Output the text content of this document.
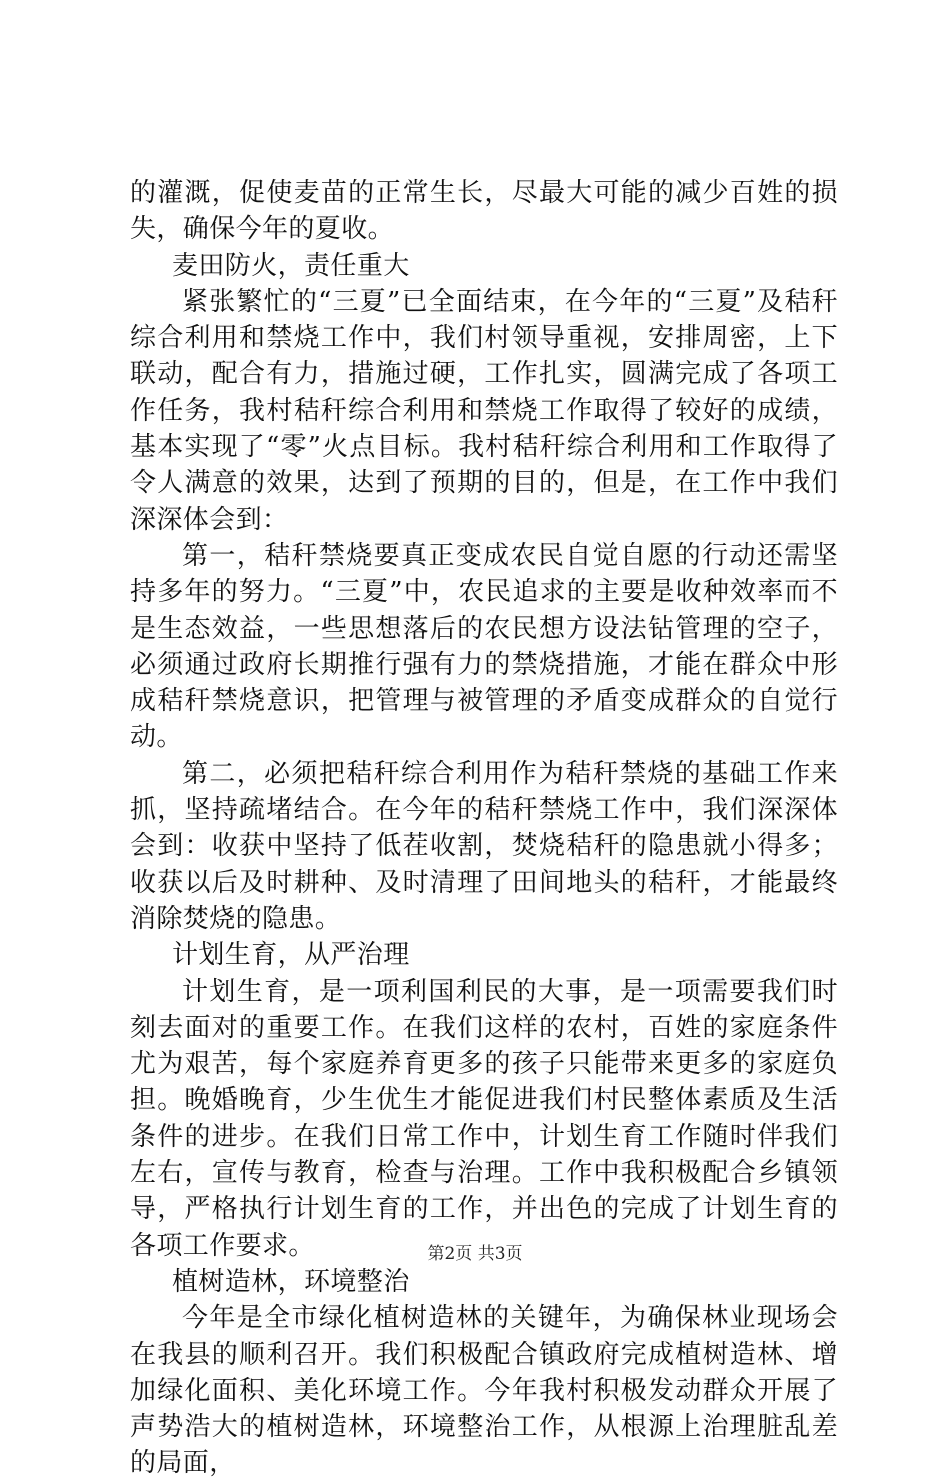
的灌溉，促使麦苗的正常生长，尽最大可能的减少百姓的损失，确保今年的夏收。

麦田防火，责任重大

紧张繁忙的“三夏”已全面结束，在今年的“三夏”及秸秆综合利用和禁烧工作中，我们村领导重视，安排周密，上下联动，配合有力，措施过硬，工作扎实，圆满完成了各项工作任务，我村秸秆综合利用和禁烧工作取得了较好的成绩，基本实现了“零”火点目标。我村秸秆综合利用和工作取得了令人满意的效果，达到了预期的目的，但是，在工作中我们深深体会到：

第一，秸秆禁烧要真正变成农民自觉自愿的行动还需坚持多年的努力。“三夏”中，农民追求的主要是收种效率而不是生态效益，一些思想落后的农民想方设法钻管理的空子，必须通过政府长期推行强有力的禁烧措施，才能在群众中形成秸秆禁烧意识，把管理与被管理的矛盾变成群众的自觉行动。

第二，必须把秸秆综合利用作为秸秆禁烧的基础工作来抓，坚持疏堵结合。在今年的秸秆禁烧工作中，我们深深体会到：收获中坚持了低茬收割，焚烧秸秆的隐患就小得多；收获以后及时耕种、及时清理了田间地头的秸秆，才能最终消除焚烧的隐患。

计划生育，从严治理

计划生育，是一项利国利民的大事，是一项需要我们时刻去面对的重要工作。在我们这样的农村，百姓的家庭条件尤为艰苦，每个家庭养育更多的孩子只能带来更多的家庭负担。晚婚晚育，少生优生才能促进我们村民整体素质及生活条件的进步。在我们日常工作中，计划生育工作随时伴我们左右，宣传与教育，检查与治理。工作中我积极配合乡镇领导，严格执行计划生育的工作，并出色的完成了计划生育的各项工作要求。

植树造林，环境整治

今年是全市绿化植树造林的关键年，为确保林业现场会在我县的顺利召开。我们积极配合镇政府完成植树造林、增加绿化面积、美化环境工作。今年我村积极发动群众开展了声势浩大的植树造林，环境整治工作，从根源上治理脏乱差的局面，

第2页 共3页
